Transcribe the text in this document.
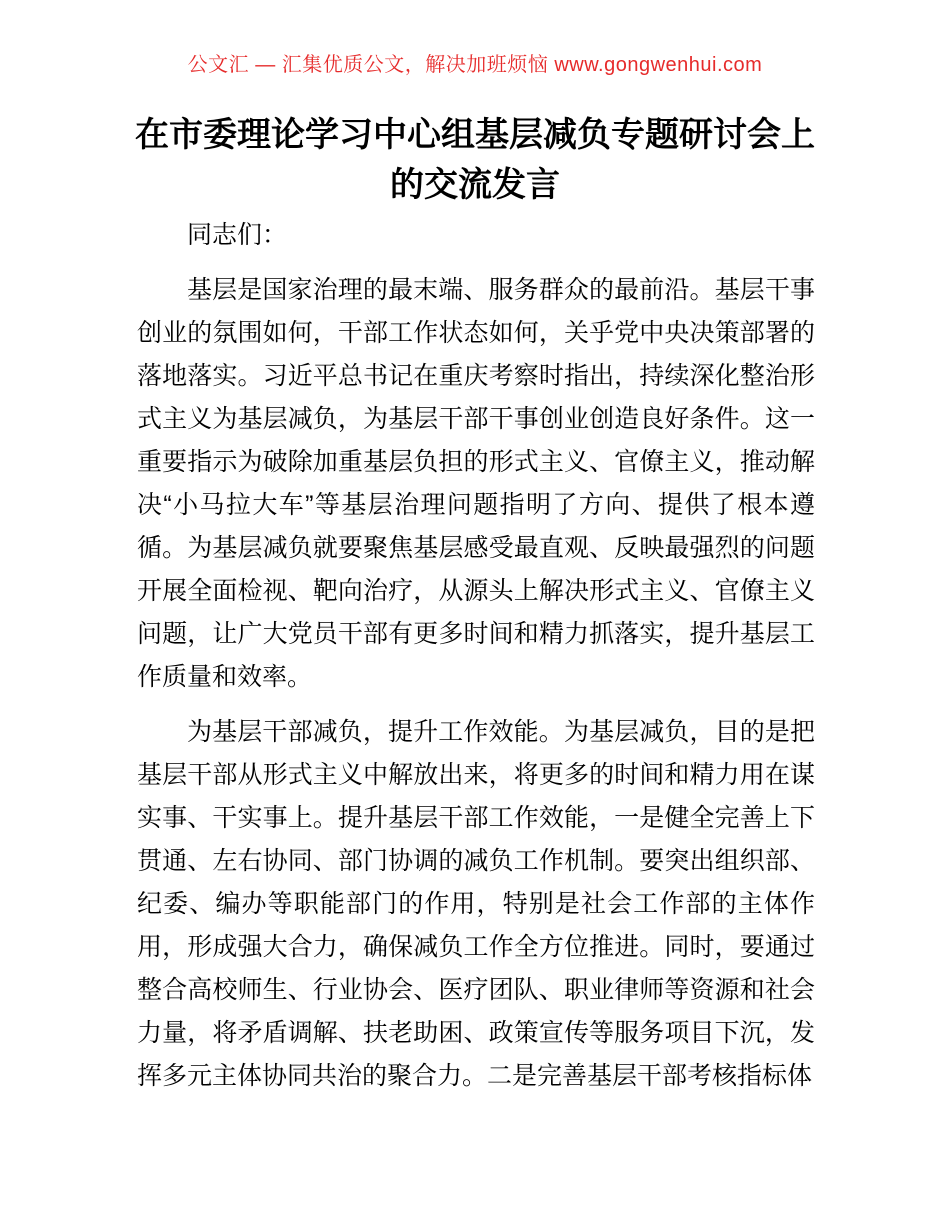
公文汇 — 汇集优质公文，解决加班烦恼 www.gongwenhui.com
在市委理论学习中心组基层减负专题研讨会上的交流发言

同志们：

基层是国家治理的最末端、服务群众的最前沿。基层干事创业的氛围如何，干部工作状态如何，关乎党中央决策部署的落地落实。习近平总书记在重庆考察时指出，持续深化整治形式主义为基层减负，为基层干部干事创业创造良好条件。这一重要指示为破除加重基层负担的形式主义、官僚主义，推动解决“小马拉大车”等基层治理问题指明了方向、提供了根本遵循。为基层减负就要聚焦基层感受最直观、反映最强烈的问题开展全面检视、靶向治疗，从源头上解决形式主义、官僚主义问题，让广大党员干部有更多时间和精力抓落实，提升基层工作质量和效率。

为基层干部减负，提升工作效能。为基层减负，目的是把基层干部从形式主义中解放出来，将更多的时间和精力用在谋实事、干实事上。提升基层干部工作效能，一是健全完善上下贯通、左右协同、部门协调的减负工作机制。要突出组织部、纪委、编办等职能部门的作用，特别是社会工作部的主体作用，形成强大合力，确保减负工作全方位推进。同时，要通过整合高校师生、行业协会、医疗团队、职业律师等资源和社会力量，将矛盾调解、扶老助困、政策宣传等服务项目下沉，发挥多元主体协同共治的聚合力。二是完善基层干部考核指标体
